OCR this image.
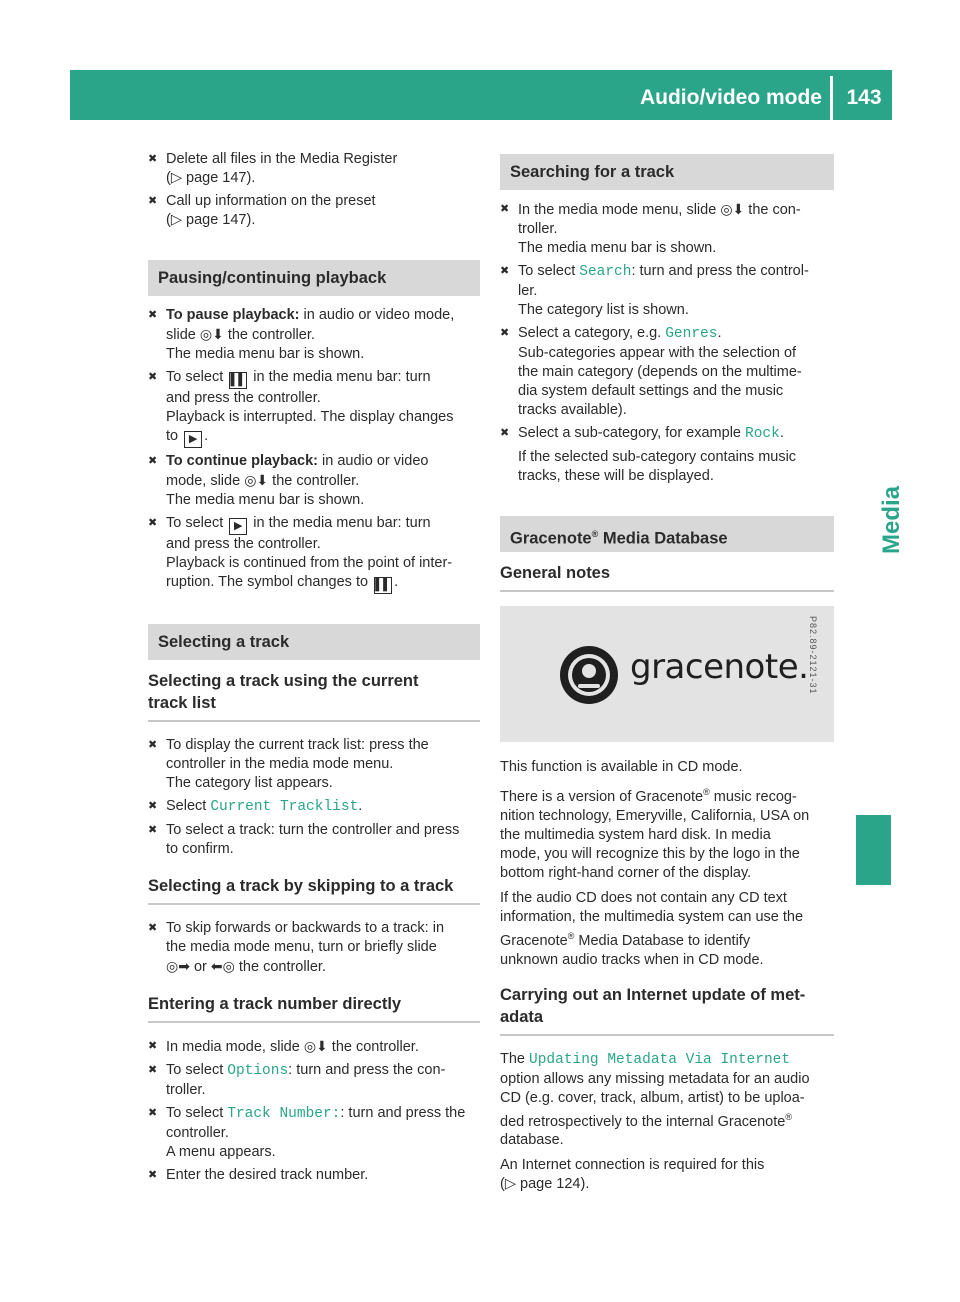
Audio/video mode	143
Media
✖ Delete all files in the Media Register
(▷ page 147).
✖ Call up information on the preset
(▷ page 147).
Pausing/continuing playback
✖ To pause playback: in audio or video mode,
slide ◎⬇ the controller.
The media menu bar is shown.
✖ To select ▌▌ in the media menu bar: turn
and press the controller.
Playback is interrupted. The display changes
to ▶ .
✖ To continue playback: in audio or video
mode, slide ◎⬇ the controller.
The media menu bar is shown.
✖ To select ▶ in the media menu bar: turn
and press the controller.
Playback is continued from the point of inter-
ruption. The symbol changes to ▌▌ .
Selecting a track
Selecting a track using the current
track list
✖ To display the current track list: press the
controller in the media mode menu.
The category list appears.
✖ Select Current Tracklist.
✖ To select a track: turn the controller and press
to confirm.
Selecting a track by skipping to a track
✖ To skip forwards or backwards to a track: in
the media mode menu, turn or briefly slide
◎➡ or ⬅◎ the controller.
Entering a track number directly
✖ In media mode, slide ◎⬇ the controller.
✖ To select Options: turn and press the con-
troller.
✖ To select Track Number:: turn and press the
controller.
A menu appears.
✖ Enter the desired track number.
Searching for a track
✖ In the media mode menu, slide ◎⬇ the con-
troller.
The media menu bar is shown.
✖ To select Search: turn and press the control-
ler.
The category list is shown.
✖ Select a category, e.g. Genres.
Sub-categories appear with the selection of
the main category (depends on the multime-
dia system default settings and the music
tracks available).
✖ Select a sub-category, for example Rock.
If the selected sub-category contains music
tracks, these will be displayed.
Gracenote® Media Database
General notes
gracenote. P82.89-2121-31
This function is available in CD mode.
There is a version of Gracenote® music recog-
nition technology, Emeryville, California, USA on
the multimedia system hard disk. In media
mode, you will recognize this by the logo in the
bottom right-hand corner of the display.
If the audio CD does not contain any CD text
information, the multimedia system can use the
Gracenote® Media Database to identify
unknown audio tracks when in CD mode.
Carrying out an Internet update of met-
adata
The Updating Metadata Via Internet
option allows any missing metadata for an audio
CD (e.g. cover, track, album, artist) to be uploa-
ded retrospectively to the internal Gracenote®
database.
An Internet connection is required for this
(▷ page 124).
